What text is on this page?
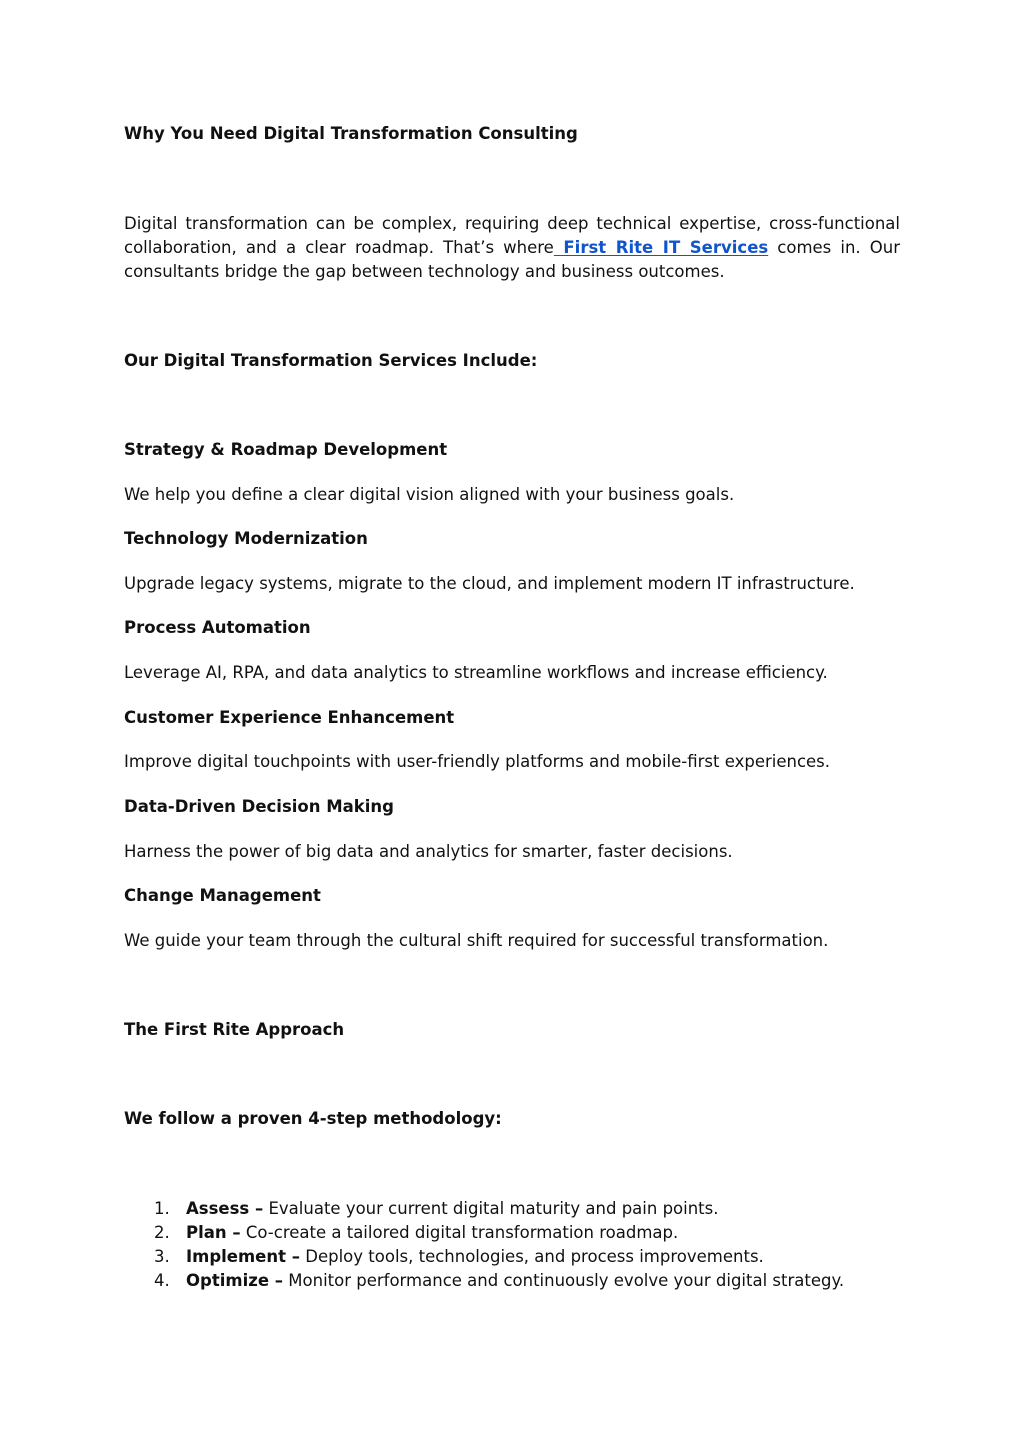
Why You Need Digital Transformation Consulting

Digital transformation can be complex, requiring deep technical expertise, cross-functional collaboration, and a clear roadmap. That’s where First Rite IT Services comes in. Our consultants bridge the gap between technology and business outcomes.

Our Digital Transformation Services Include:

Strategy & Roadmap Development

We help you define a clear digital vision aligned with your business goals.

Technology Modernization

Upgrade legacy systems, migrate to the cloud, and implement modern IT infrastructure.

Process Automation

Leverage AI, RPA, and data analytics to streamline workflows and increase efficiency.

Customer Experience Enhancement

Improve digital touchpoints with user-friendly platforms and mobile-first experiences.

Data-Driven Decision Making

Harness the power of big data and analytics for smarter, faster decisions.

Change Management

We guide your team through the cultural shift required for successful transformation.

The First Rite Approach

We follow a proven 4-step methodology:

1. Assess – Evaluate your current digital maturity and pain points.
2. Plan – Co-create a tailored digital transformation roadmap.
3. Implement – Deploy tools, technologies, and process improvements.
4. Optimize – Monitor performance and continuously evolve your digital strategy.
